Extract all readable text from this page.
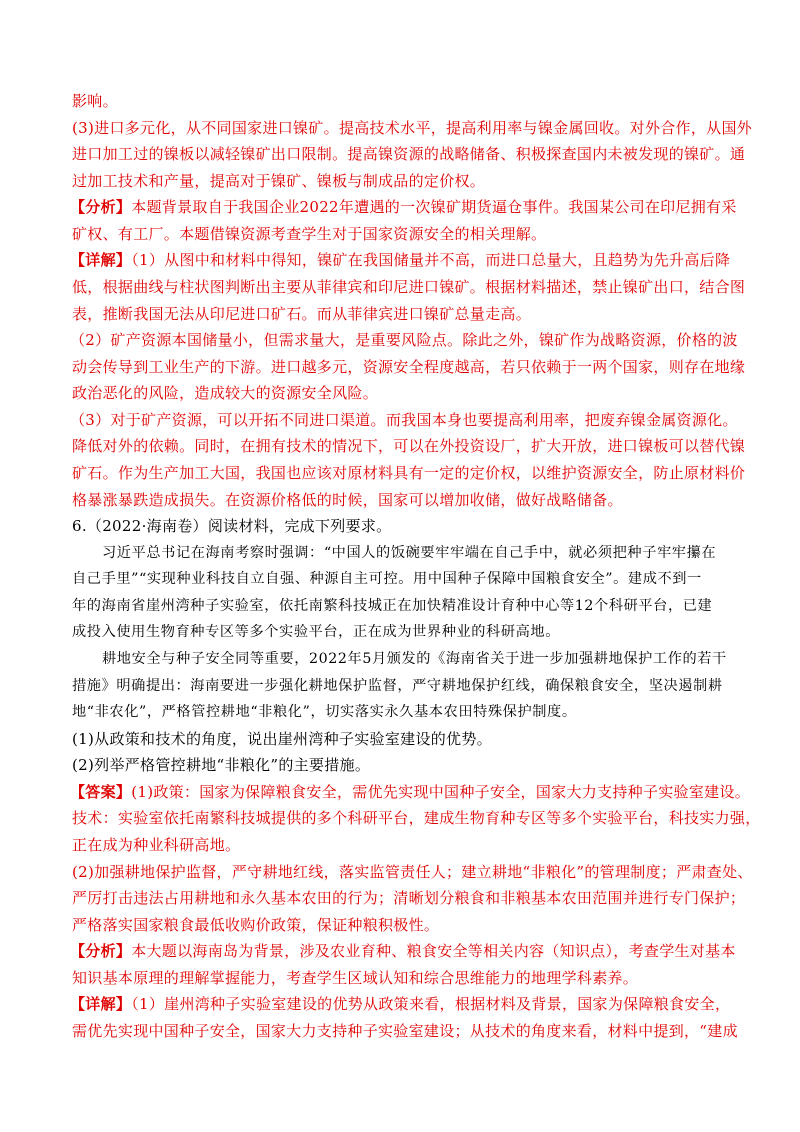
影响。
(3)进口多元化，从不同国家进口镍矿。提高技术水平，提高利用率与镍金属回收。对外合作，从国外
进口加工过的镍板以减轻镍矿出口限制。提高镍资源的战略储备、积极探查国内未被发现的镍矿。通
过加工技术和产量，提高对于镍矿、镍板与制成品的定价权。
【分析】本题背景取自于我国企业2022年遭遇的一次镍矿期货逼仓事件。我国某公司在印尼拥有采
矿权、有工厂。本题借镍资源考查学生对于国家资源安全的相关理解。
【详解】（1）从图中和材料中得知，镍矿在我国储量并不高，而进口总量大，且趋势为先升高后降
低，根据曲线与柱状图判断出主要从菲律宾和印尼进口镍矿。根据材料描述，禁止镍矿出口，结合图
表，推断我国无法从印尼进口矿石。而从菲律宾进口镍矿总量走高。
（2）矿产资源本国储量小，但需求量大，是重要风险点。除此之外，镍矿作为战略资源，价格的波
动会传导到工业生产的下游。进口越多元，资源安全程度越高，若只依赖于一两个国家，则存在地缘
政治恶化的风险，造成较大的资源安全风险。
（3）对于矿产资源，可以开拓不同进口渠道。而我国本身也要提高利用率，把废弃镍金属资源化。
降低对外的依赖。同时，在拥有技术的情况下，可以在外投资设厂，扩大开放，进口镍板可以替代镍
矿石。作为生产加工大国，我国也应该对原材料具有一定的定价权，以维护资源安全，防止原材料价
格暴涨暴跌造成损失。在资源价格低的时候，国家可以增加收储，做好战略储备。
6.（2022·海南卷）阅读材料，完成下列要求。
习近平总书记在海南考察时强调：“中国人的饭碗要牢牢端在自己手中，就必须把种子牢牢攥在
自己手里”“实现种业科技自立自强、种源自主可控。用中国种子保障中国粮食安全”。建成不到一
年的海南省崖州湾种子实验室，依托南繁科技城正在加快精准设计育种中心等12个科研平台，已建
成投入使用生物育种专区等多个实验平台，正在成为世界种业的科研高地。
耕地安全与种子安全同等重要，2022年5月颁发的《海南省关于进一步加强耕地保护工作的若干
措施》明确提出：海南要进一步强化耕地保护监督，严守耕地保护红线，确保粮食安全，坚决遏制耕
地“非农化”，严格管控耕地“非粮化”，切实落实永久基本农田特殊保护制度。
(1)从政策和技术的角度，说出崖州湾种子实验室建设的优势。
(2)列举严格管控耕地“非粮化”的主要措施。
【答案】(1)政策：国家为保障粮食安全，需优先实现中国种子安全，国家大力支持种子实验室建设。
技术：实验室依托南繁科技城提供的多个科研平台，建成生物育种专区等多个实验平台，科技实力强，
正在成为种业科研高地。
(2)加强耕地保护监督，严守耕地红线，落实监管责任人；建立耕地“非粮化”的管理制度；严肃查处、
严厉打击违法占用耕地和永久基本农田的行为；清晰划分粮食和非粮基本农田范围并进行专门保护；
严格落实国家粮食最低收购价政策，保证种粮积极性。
【分析】本大题以海南岛为背景，涉及农业育种、粮食安全等相关内容（知识点），考查学生对基本
知识基本原理的理解掌握能力，考查学生区域认知和综合思维能力的地理学科素养。
【详解】（1）崖州湾种子实验室建设的优势从政策来看，根据材料及背景，国家为保障粮食安全，
需优先实现中国种子安全，国家大力支持种子实验室建设；从技术的角度来看，材料中提到，“建成
